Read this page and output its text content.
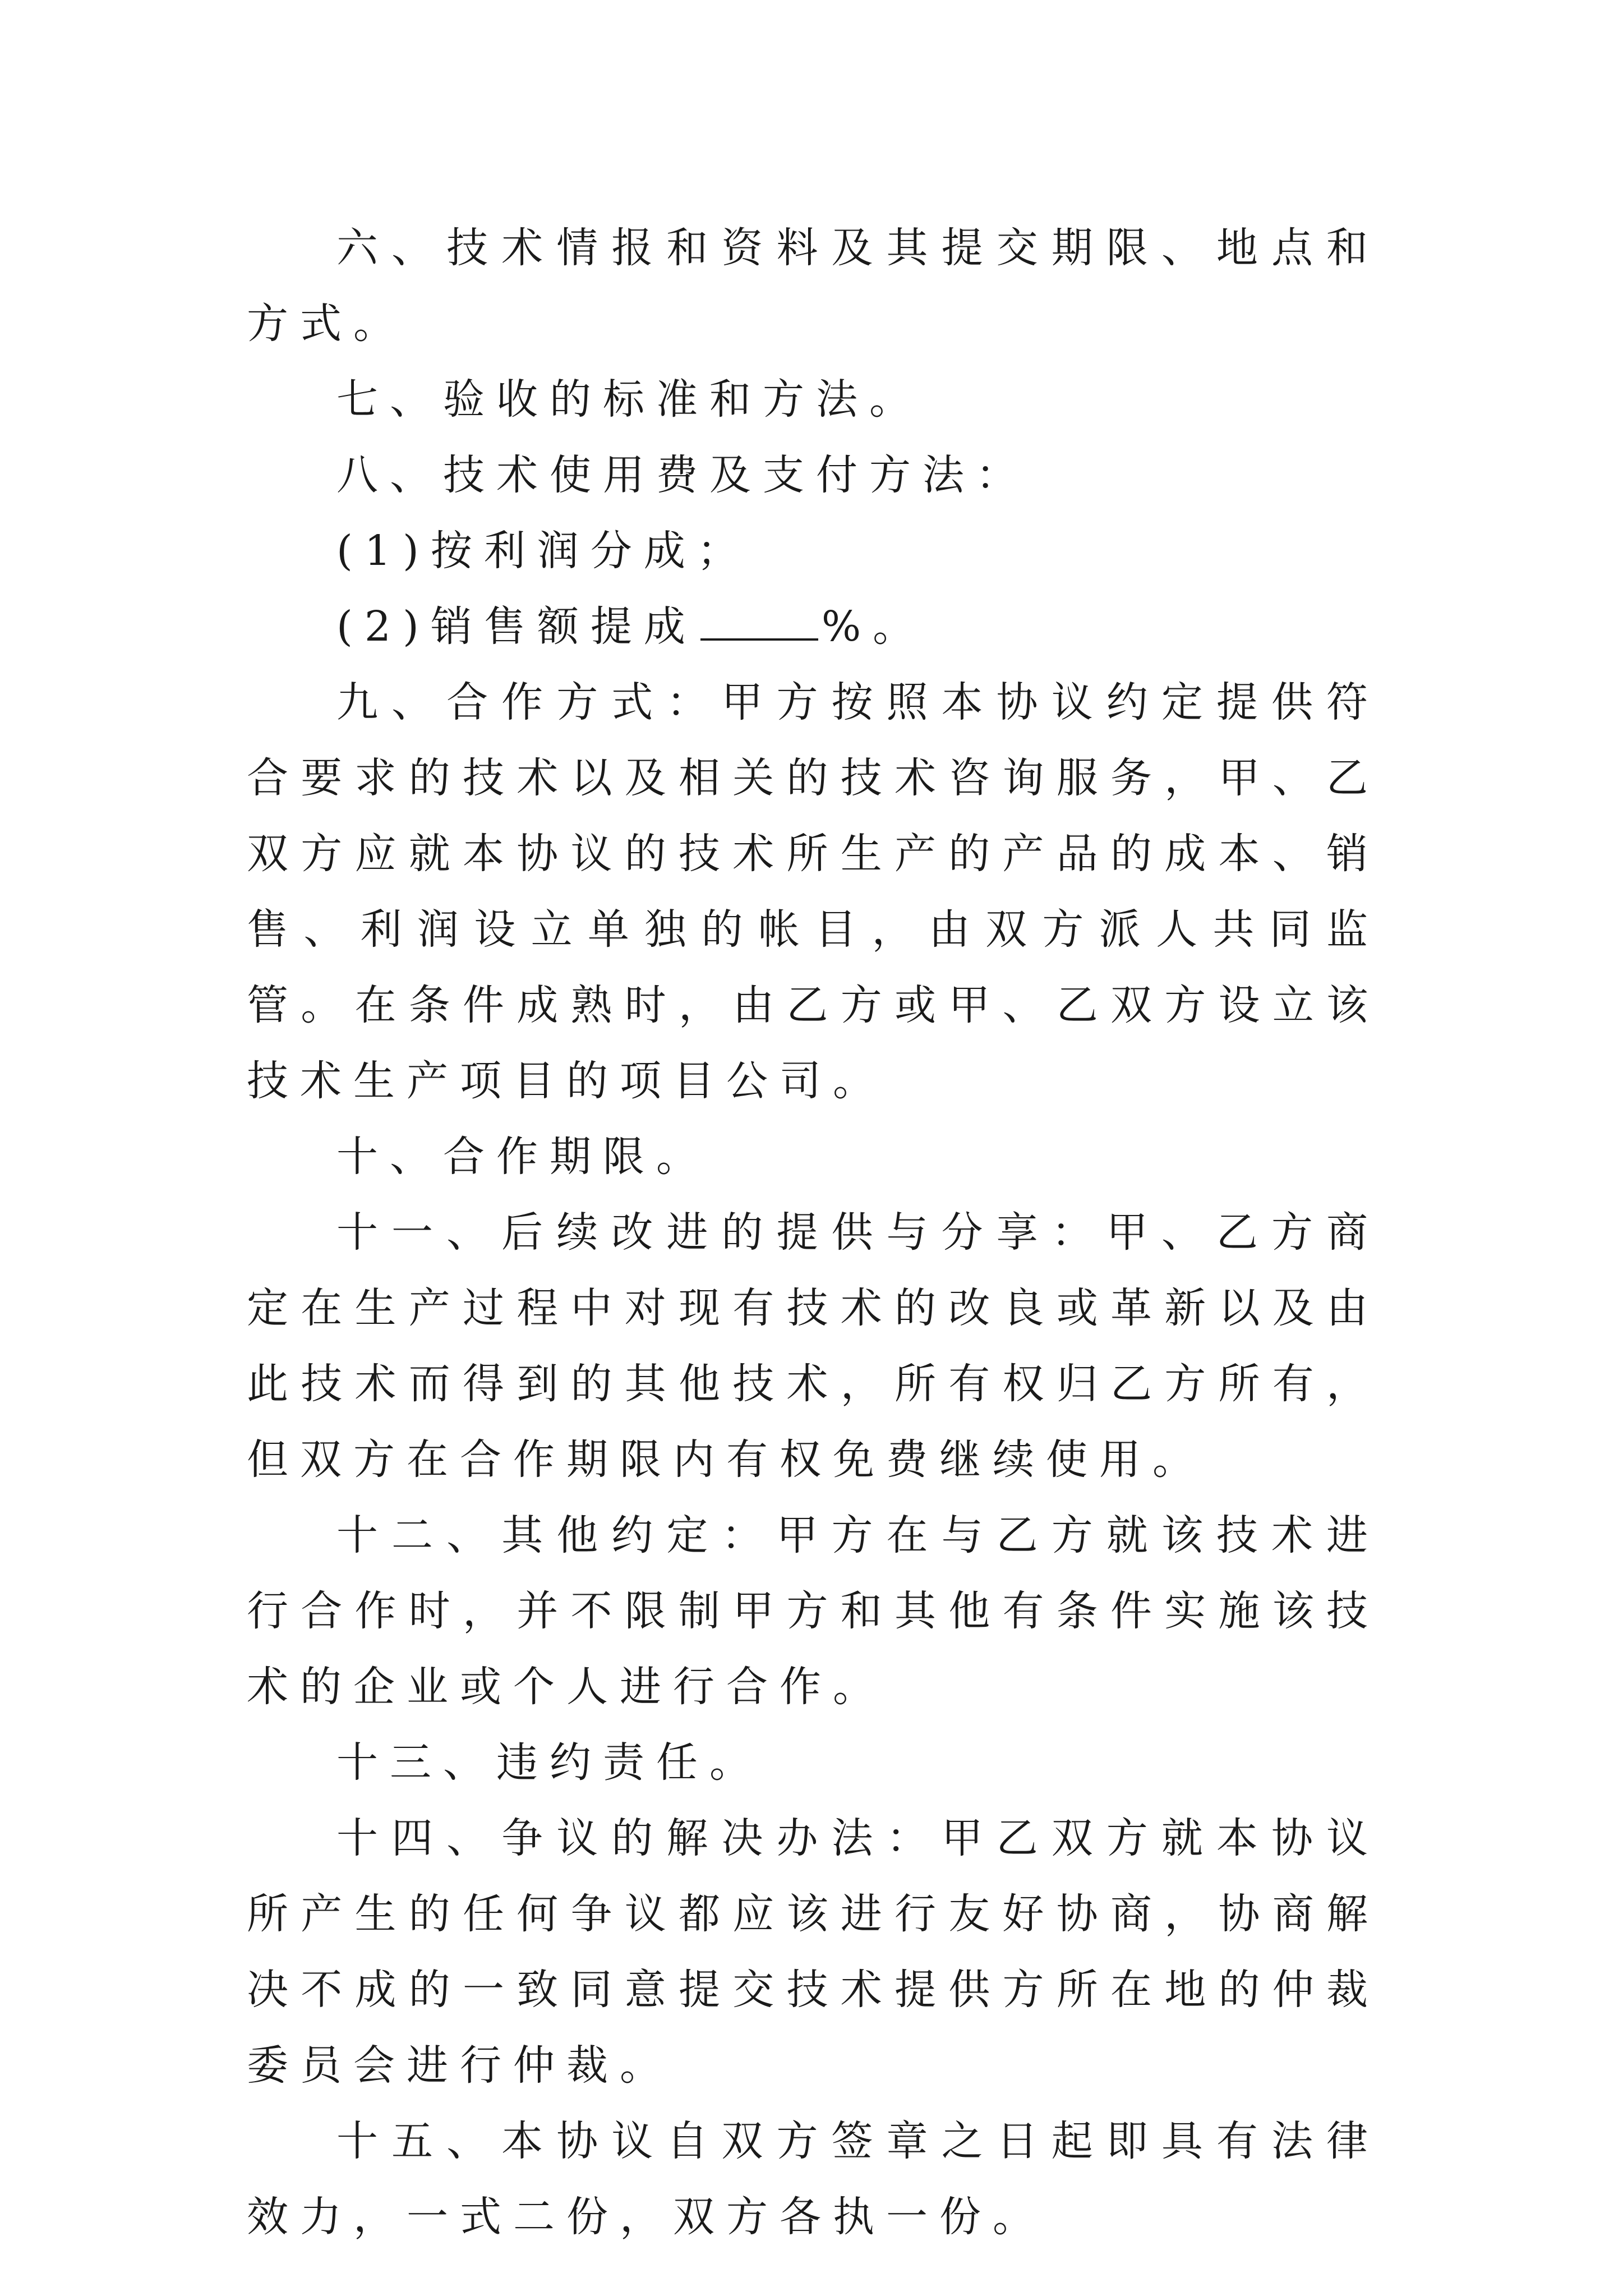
六、技术情报和资料及其提交期限、地点和方式。

七、验收的标准和方法。

八、技术使用费及支付方法：

(1)按利润分成；

(2)销售额提成	%。

九、合作方式：甲方按照本协议约定提供符合要求的技术以及相关的技术咨询服务，甲、乙双方应就本协议的技术所生产的产品的成本、销售、利润设立单独的帐目，由双方派人共同监管。在条件成熟时，由乙方或甲、乙双方设立该技术生产项目的项目公司。

十、合作期限。

十一、后续改进的提供与分享：甲、乙方商定在生产过程中对现有技术的改良或革新以及由此技术而得到的其他技术，所有权归乙方所有，但双方在合作期限内有权免费继续使用。

十二、其他约定：甲方在与乙方就该技术进行合作时，并不限制甲方和其他有条件实施该技术的企业或个人进行合作。

十三、违约责任。

十四、争议的解决办法：甲乙双方就本协议所产生的任何争议都应该进行友好协商，协商解决不成的一致同意提交技术提供方所在地的仲裁委员会进行仲裁。

十五、本协议自双方签章之日起即具有法律效力，一式二份，双方各执一份。
